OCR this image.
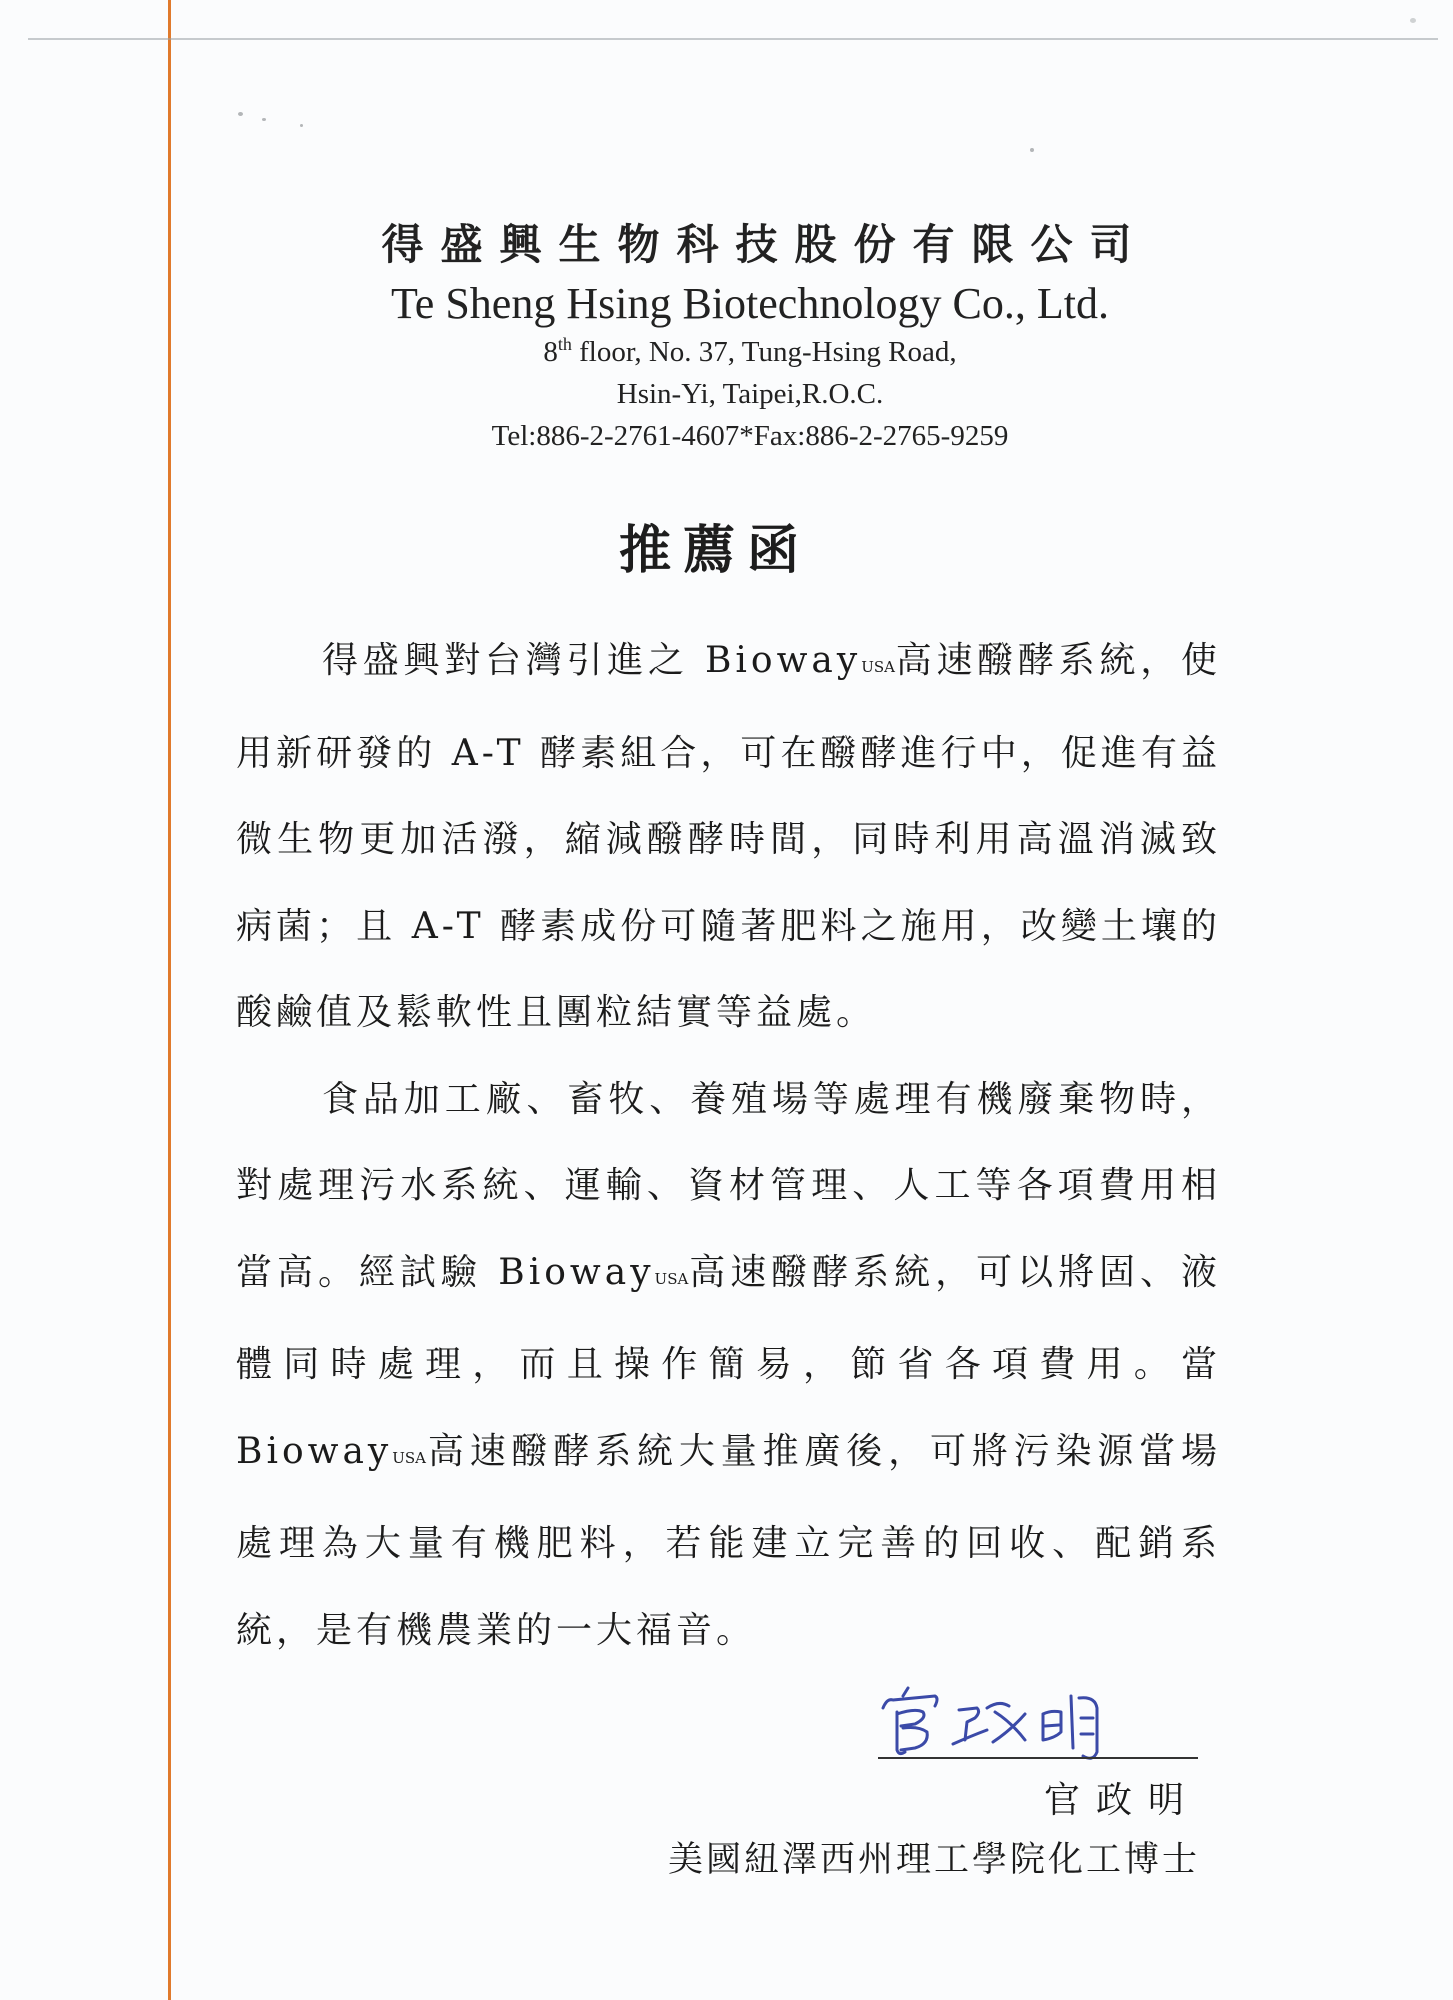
得盛興生物科技股份有限公司
Te Sheng Hsing Biotechnology Co., Ltd.
8th floor, No. 37, Tung-Hsing Road,
Hsin-Yi, Taipei,R.O.C.
Tel:886-2-2761-4607*Fax:886-2-2765-9259
推薦函

得盛興對台灣引進之 BiowayUSA高速醱酵系統，使用新研發的 A-T 酵素組合，可在醱酵進行中，促進有益微生物更加活潑，縮減醱酵時間，同時利用高溫消滅致病菌；且 A-T 酵素成份可隨著肥料之施用，改變土壤的酸鹼值及鬆軟性且團粒結實等益處。

食品加工廠、畜牧、養殖場等處理有機廢棄物時，對處理污水系統、運輸、資材管理、人工等各項費用相當高。經試驗 BiowayUSA高速醱酵系統，可以將固、液體同時處理，而且操作簡易，節省各項費用。當 BiowayUSA高速醱酵系統大量推廣後，可將污染源當場處理為大量有機肥料，若能建立完善的回收、配銷系統，是有機農業的一大福音。

官政明
美國紐澤西州理工學院化工博士
